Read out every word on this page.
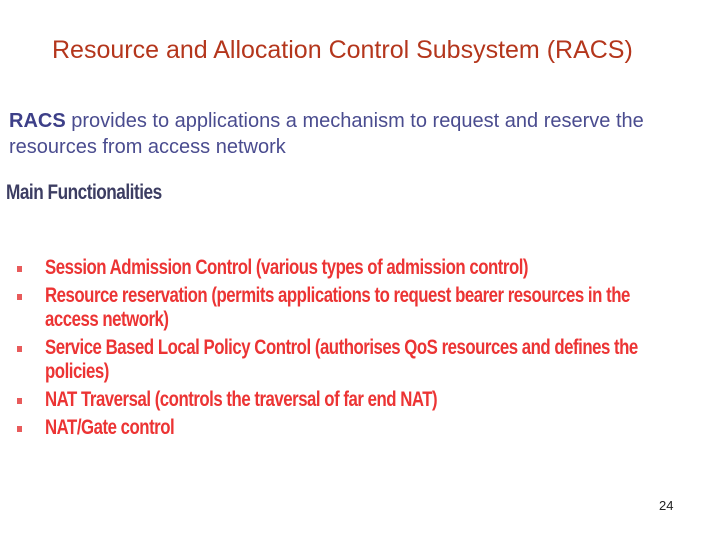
Resource and Allocation Control Subsystem (RACS)
RACS provides to applications a mechanism to request and reserve the resources from access network
Main Functionalities
Session Admission Control (various types of admission control)
Resource reservation (permits applications to request bearer resources in the access network)
Service Based Local Policy Control (authorises QoS resources and defines the policies)
NAT Traversal (controls the traversal of far end NAT)
NAT/Gate control
24
